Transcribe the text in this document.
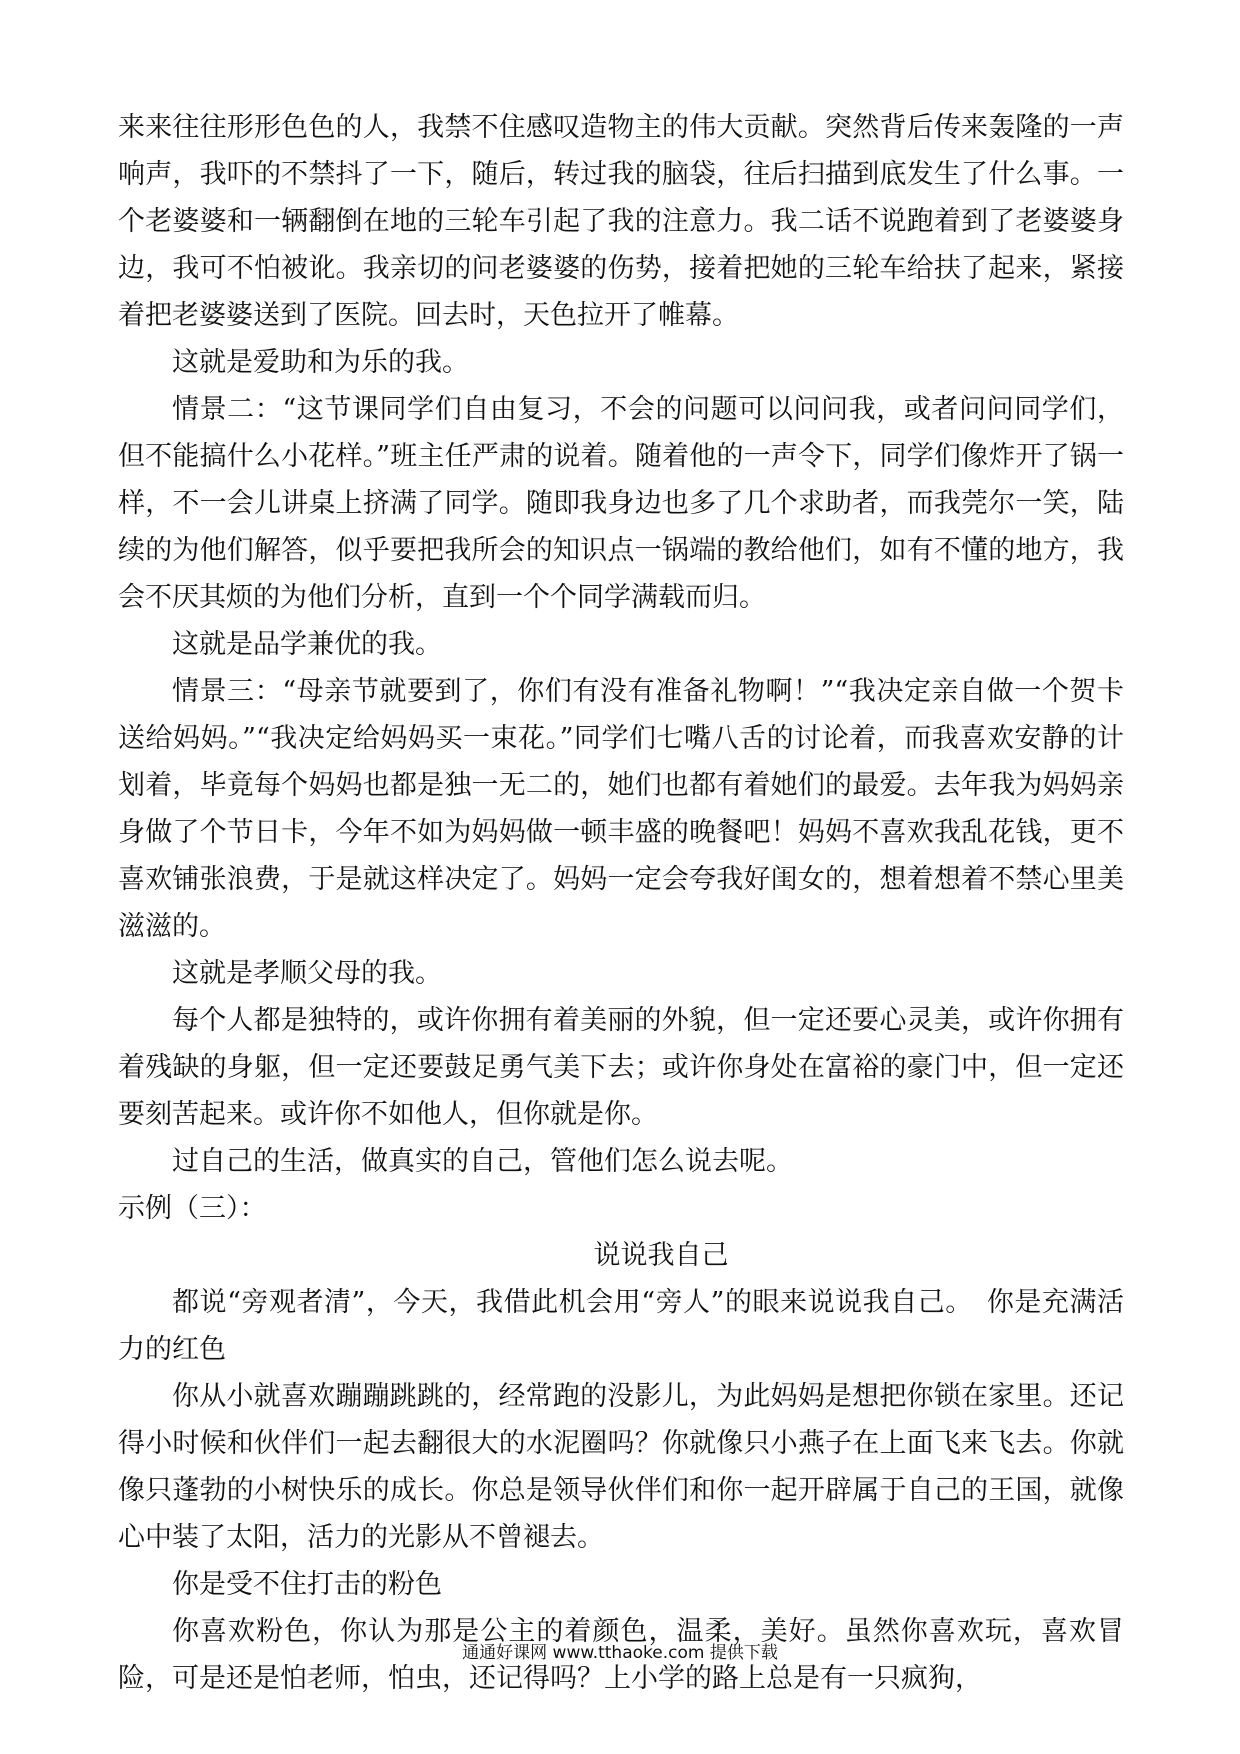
来来往往形形色色的人，我禁不住感叹造物主的伟大贡献。突然背后传来轰隆的一声响声，我吓的不禁抖了一下，随后，转过我的脑袋，往后扫描到底发生了什么事。一个老婆婆和一辆翻倒在地的三轮车引起了我的注意力。我二话不说跑着到了老婆婆身边，我可不怕被讹。我亲切的问老婆婆的伤势，接着把她的三轮车给扶了起来，紧接着把老婆婆送到了医院。回去时，天色拉开了帷幕。

这就是爱助和为乐的我。

情景二：“这节课同学们自由复习，不会的问题可以问问我，或者问问同学们，但不能搞什么小花样。”班主任严肃的说着。随着他的一声令下，同学们像炸开了锅一样，不一会儿讲桌上挤满了同学。随即我身边也多了几个求助者，而我莞尔一笑，陆续的为他们解答，似乎要把我所会的知识点一锅端的教给他们，如有不懂的地方，我会不厌其烦的为他们分析，直到一个个同学满载而归。

这就是品学兼优的我。

情景三：“母亲节就要到了，你们有没有准备礼物啊！”“我决定亲自做一个贺卡送给妈妈。”“我决定给妈妈买一束花。”同学们七嘴八舌的讨论着，而我喜欢安静的计划着，毕竟每个妈妈也都是独一无二的，她们也都有着她们的最爱。去年我为妈妈亲身做了个节日卡，今年不如为妈妈做一顿丰盛的晚餐吧！妈妈不喜欢我乱花钱，更不喜欢铺张浪费，于是就这样决定了。妈妈一定会夸我好闺女的，想着想着不禁心里美滋滋的。

这就是孝顺父母的我。

每个人都是独特的，或许你拥有着美丽的外貌，但一定还要心灵美，或许你拥有着残缺的身躯，但一定还要鼓足勇气美下去；或许你身处在富裕的豪门中，但一定还要刻苦起来。或许你不如他人，但你就是你。

过自己的生活，做真实的自己，管他们怎么说去呢。

示例（三）：

说说我自己

都说“旁观者清”，今天，我借此机会用“旁人”的眼来说说我自己。　你是充满活力的红色

你从小就喜欢蹦蹦跳跳的，经常跑的没影儿，为此妈妈是想把你锁在家里。还记得小时候和伙伴们一起去翻很大的水泥圈吗？你就像只小燕子在上面飞来飞去。你就像只蓬勃的小树快乐的成长。你总是领导伙伴们和你一起开辟属于自己的王国，就像心中装了太阳，活力的光影从不曾褪去。

你是受不住打击的粉色

你喜欢粉色，你认为那是公主的着颜色，温柔，美好。虽然你喜欢玩，喜欢冒险，可是还是怕老师，怕虫，还记得吗？上小学的路上总是有一只疯狗，

通通好课网 www.tthaoke.com 提供下载
